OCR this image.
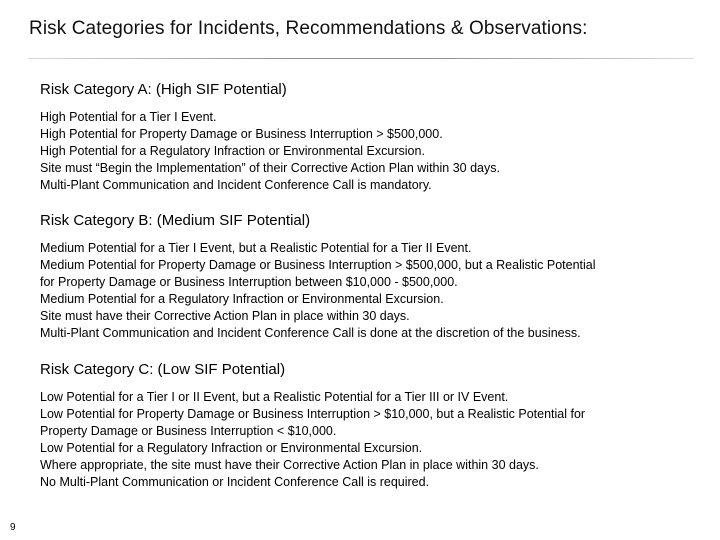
Risk Categories for Incidents, Recommendations & Observations:
Risk Category A: (High SIF Potential)
High Potential for a Tier I Event.
High Potential for Property Damage or Business Interruption > $500,000.
High Potential for a Regulatory Infraction or Environmental Excursion.
Site must “Begin the Implementation” of their Corrective Action Plan within 30 days.
Multi-Plant Communication and Incident Conference Call is mandatory.
Risk Category B: (Medium SIF Potential)
Medium Potential for a Tier I Event, but a Realistic Potential for a Tier II Event.
Medium Potential for Property Damage or Business Interruption > $500,000, but a Realistic Potential
for Property Damage or Business Interruption between $10,000 - $500,000.
Medium Potential for a Regulatory Infraction or Environmental Excursion.
Site must have their Corrective Action Plan in place within 30 days.
Multi-Plant Communication and Incident Conference Call is done at the discretion of the business.
Risk Category C: (Low SIF Potential)
Low Potential for a Tier I or II Event, but a Realistic Potential for a Tier III or IV Event.
Low Potential for Property Damage or Business Interruption > $10,000, but a Realistic Potential for
Property Damage or Business Interruption < $10,000.
Low Potential for a Regulatory Infraction or Environmental Excursion.
Where appropriate, the site must have their Corrective Action Plan in place within 30 days.
No Multi-Plant Communication or Incident Conference Call is required.
9
